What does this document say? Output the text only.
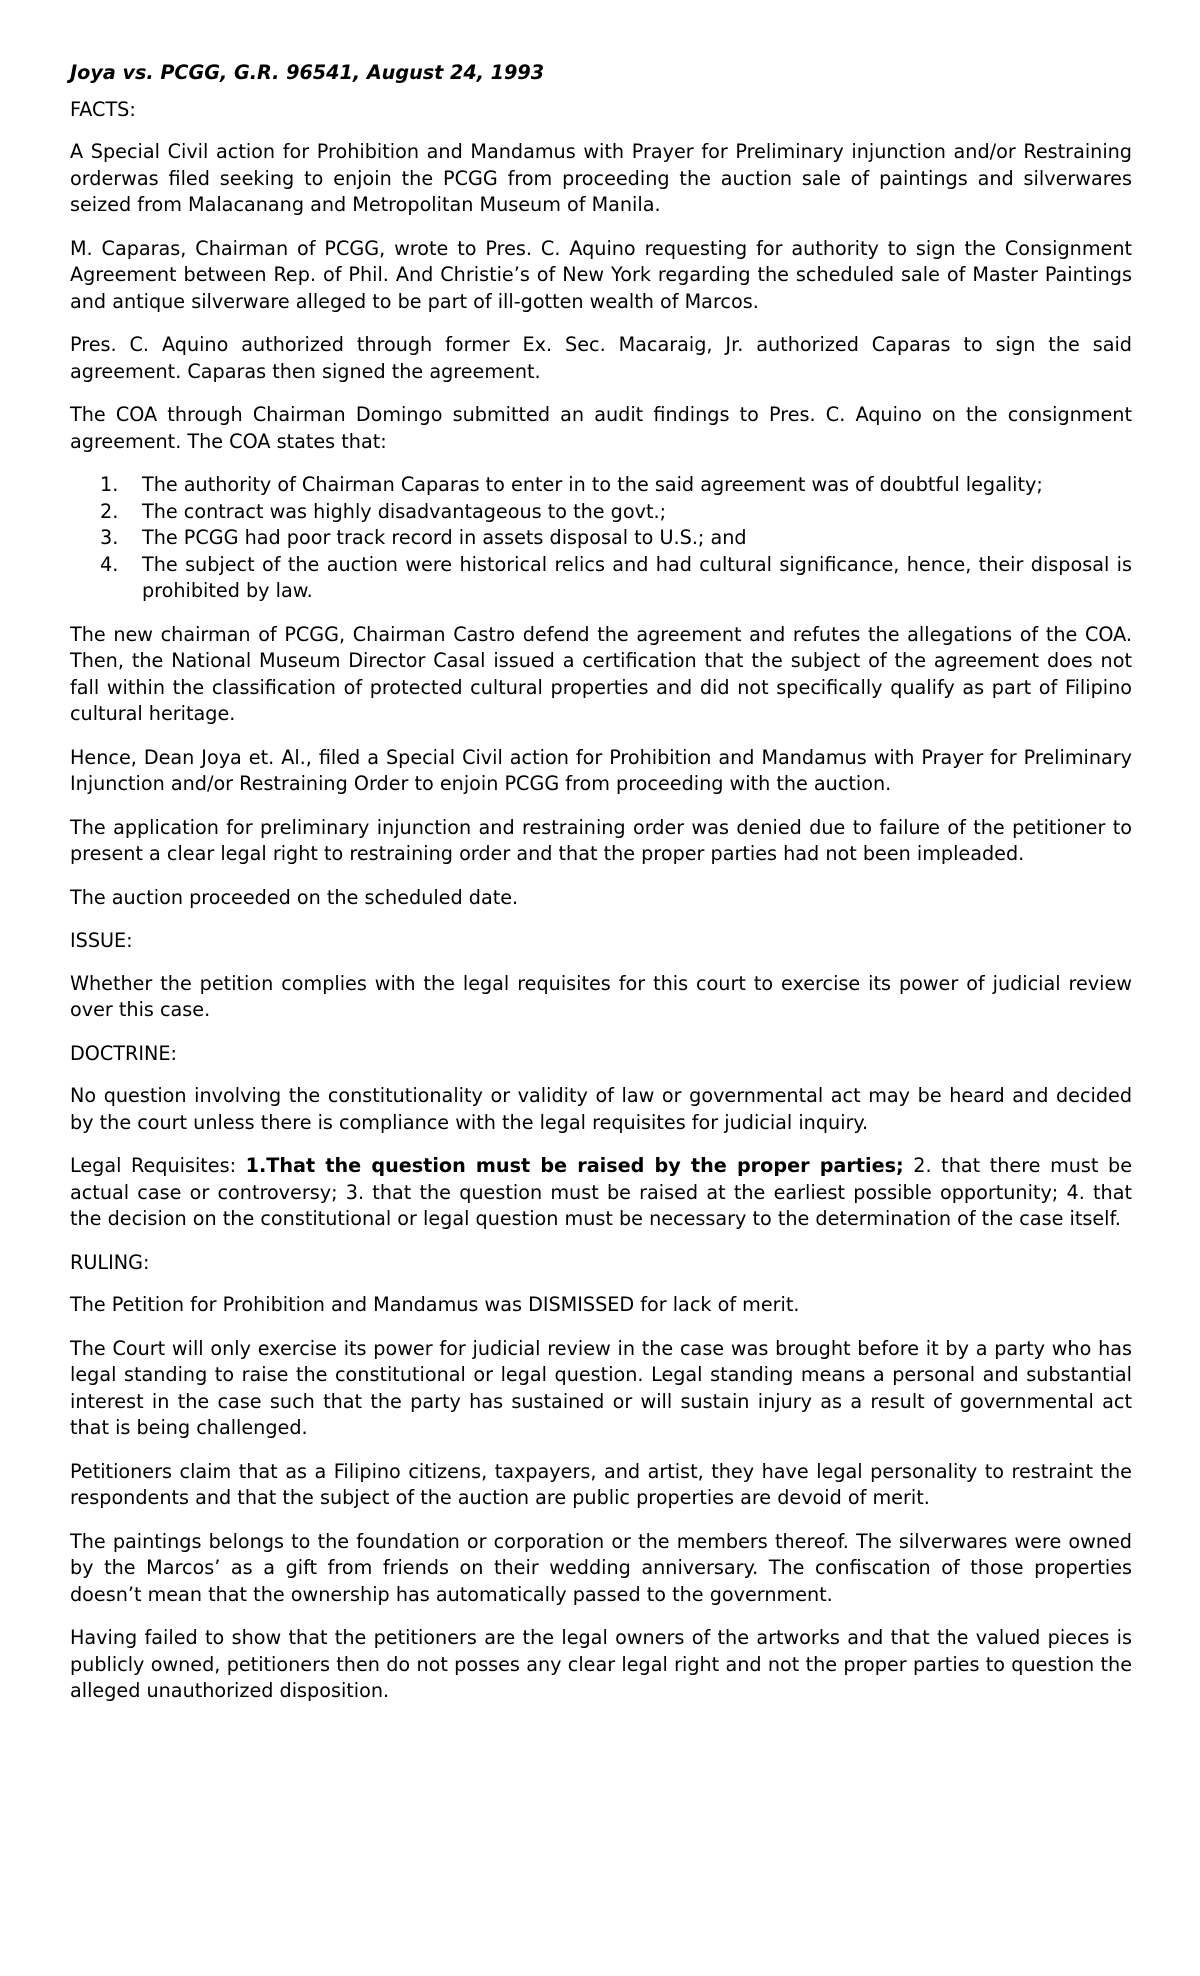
Joya vs. PCGG, G.R. 96541, August 24, 1993

FACTS:

A Special Civil action for Prohibition and Mandamus with Prayer for Preliminary injunction and/or Restraining orderwas filed seeking to enjoin the PCGG from proceeding the auction sale of paintings and silverwares seized from Malacanang and Metropolitan Museum of Manila.

M. Caparas, Chairman of PCGG, wrote to Pres. C. Aquino requesting for authority to sign the Consignment Agreement between Rep. of Phil. And Christie’s of New York regarding the scheduled sale of Master Paintings and antique silverware alleged to be part of ill-gotten wealth of Marcos.

Pres. C. Aquino authorized through former Ex. Sec. Macaraig, Jr. authorized Caparas to sign the said agreement. Caparas then signed the agreement.

The COA through Chairman Domingo submitted an audit findings to Pres. C. Aquino on the consignment agreement. The COA states that:

1. The authority of Chairman Caparas to enter in to the said agreement was of doubtful legality;
2. The contract was highly disadvantageous to the govt.;
3. The PCGG had poor track record in assets disposal to U.S.; and
4. The subject of the auction were historical relics and had cultural significance, hence, their disposal is prohibited by law.

The new chairman of PCGG, Chairman Castro defend the agreement and refutes the allegations of the COA. Then, the National Museum Director Casal issued a certification that the subject of the agreement does not fall within the classification of protected cultural properties and did not specifically qualify as part of Filipino cultural heritage.

Hence, Dean Joya et. Al., filed a Special Civil action for Prohibition and Mandamus with Prayer for Preliminary Injunction and/or Restraining Order to enjoin PCGG from proceeding with the auction.

The application for preliminary injunction and restraining order was denied due to failure of the petitioner to present a clear legal right to restraining order and that the proper parties had not been impleaded.

The auction proceeded on the scheduled date.

ISSUE:

Whether the petition complies with the legal requisites for this court to exercise its power of judicial review over this case.

DOCTRINE:

No question involving the constitutionality or validity of law or governmental act may be heard and decided by the court unless there is compliance with the legal requisites for judicial inquiry.

Legal Requisites: 1.That the question must be raised by the proper parties; 2. that there must be actual case or controversy; 3. that the question must be raised at the earliest possible opportunity; 4. that the decision on the constitutional or legal question must be necessary to the determination of the case itself.

RULING:

The Petition for Prohibition and Mandamus was DISMISSED for lack of merit.

The Court will only exercise its power for judicial review in the case was brought before it by a party who has legal standing to raise the constitutional or legal question. Legal standing means a personal and substantial interest in the case such that the party has sustained or will sustain injury as a result of governmental act that is being challenged.

Petitioners claim that as a Filipino citizens, taxpayers, and artist, they have legal personality to restraint the respondents and that the subject of the auction are public properties are devoid of merit.

The paintings belongs to the foundation or corporation or the members thereof. The silverwares were owned by the Marcos’ as a gift from friends on their wedding anniversary. The confiscation of those properties doesn’t mean that the ownership has automatically passed to the government.

Having failed to show that the petitioners are the legal owners of the artworks and that the valued pieces is publicly owned, petitioners then do not posses any clear legal right and not the proper parties to question the alleged unauthorized disposition.
